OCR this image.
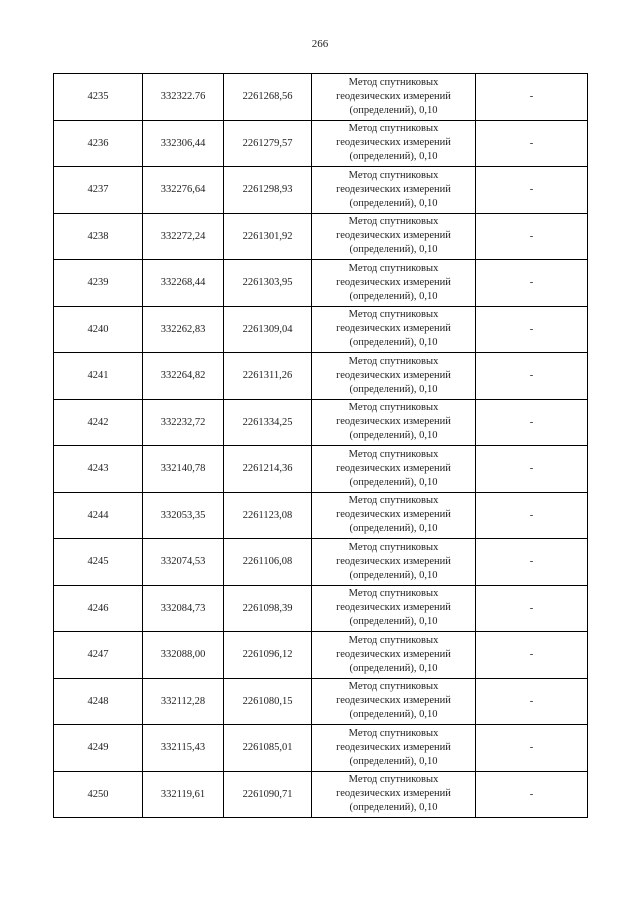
266
4235	332322.76	2261268,56	Метод спутниковых
геодезических измерений
(определений), 0,10	-
4236	332306,44	2261279,57	Метод спутниковых
геодезических измерений
(определений), 0,10	-
4237	332276,64	2261298,93	Метод спутниковых
геодезических измерений
(определений), 0,10	-
4238	332272,24	2261301,92	Метод спутниковых
геодезических измерений
(определений), 0,10	-
4239	332268,44	2261303,95	Метод спутниковых
геодезических измерений
(определений), 0,10	-
4240	332262,83	2261309,04	Метод спутниковых
геодезических измерений
(определений), 0,10	-
4241	332264,82	2261311,26	Метод спутниковых
геодезических измерений
(определений), 0,10	-
4242	332232,72	2261334,25	Метод спутниковых
геодезических измерений
(определений), 0,10	-
4243	332140,78	2261214,36	Метод спутниковых
геодезических измерений
(определений), 0,10	-
4244	332053,35	2261123,08	Метод спутниковых
геодезических измерений
(определений), 0,10	-
4245	332074,53	2261106,08	Метод спутниковых
геодезических измерений
(определений), 0,10	-
4246	332084,73	2261098,39	Метод спутниковых
геодезических измерений
(определений), 0,10	-
4247	332088,00	2261096,12	Метод спутниковых
геодезических измерений
(определений), 0,10	-
4248	332112,28	2261080,15	Метод спутниковых
геодезических измерений
(определений), 0,10	-
4249	332115,43	2261085,01	Метод спутниковых
геодезических измерений
(определений), 0,10	-
4250	332119,61	2261090,71	Метод спутниковых
геодезических измерений
(определений), 0,10	-
